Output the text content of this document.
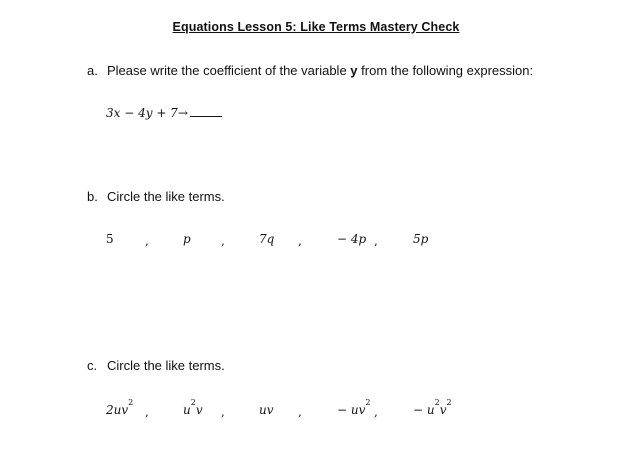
Equations Lesson 5: Like Terms Mastery Check
a. Please write the coefficient of the variable y from the following expression:
3x − 4y + 7→
b. Circle the like terms.
5	,	p	,	7q ,	− 4p ,	5p
c. Circle the like terms.
$2uv^2$
,	$u^2v$ ,	uv ,	− $uv^2$
,	− $u^2v^2$
